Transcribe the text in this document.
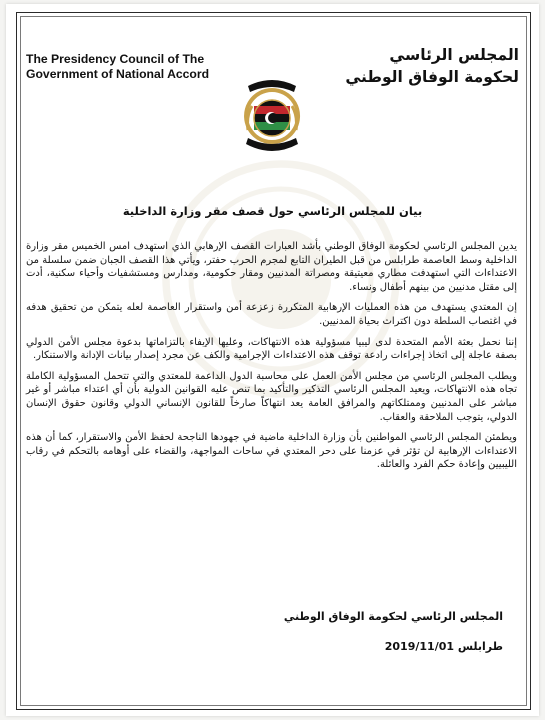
The Presidency Council of The
Government of National Accord
المجلس الرئاسي
لحكومة الوفاق الوطني
بيان للمجلس الرئاسي حول قصف مقر وزارة الداخلية

يدين المجلس الرئاسي لحكومة الوفاق الوطني بأشد العبارات القصف الإرهابي الذي استهدف امس الخميس مقر وزارة الداخلية وسط العاصمة طرابلس من قبل الطيران التابع لمجرم الحرب حفتر، ويأتي هذا القصف الجبان ضمن سلسلة من الاعتداءات التي استهدفت مطاري معيتيقة ومصراتة المدنيين ومقار حكومية، ومدارس ومستشفيات وأحياء سكنية، أدت إلى مقتل مدنيين من بينهم أطفال ونساء.

إن المعتدي يستهدف من هذه العمليات الإرهابية المتكررة زعزعة أمن واستقرار العاصمة لعله يتمكن من تحقيق هدفه في اغتصاب السلطة دون اكتراث بحياة المدنيين.

إننا نحمل بعثة الأمم المتحدة لدى ليبيا مسؤولية هذه الانتهاكات، وعليها الإيفاء بالتزاماتها بدعوة مجلس الأمن الدولي بصفة عاجلة إلى اتخاذ إجراءات رادعة توقف هذه الاعتداءات الإجرامية والكف عن مجرد إصدار بيانات الإدانة والاستنكار.

ويطلب المجلس الرئاسي من مجلس الأمن العمل على محاسبة الدول الداعمة للمعتدي والتي تتحمل المسؤولية الكاملة تجاه هذه الانتهاكات، ويعيد المجلس الرئاسي التذكير والتأكيد بما تنص عليه القوانين الدولية بأن أي اعتداء مباشر أو غير مباشر على المدنيين وممتلكاتهم والمرافق العامة يعد انتهاكاً صارخاً للقانون الإنساني الدولي وقانون حقوق الإنسان الدولي، يتوجب الملاحقة والعقاب.

ويطمئن المجلس الرئاسي المواطنين بأن وزارة الداخلية ماضية في جهودها الناجحة لحفظ الأمن والاستقرار، كما أن هذه الاعتداءات الإرهابية لن تؤثر في عزمنا على دحر المعتدي في ساحات المواجهة، والقضاء على أوهامه بالتحكم في رقاب الليبيين وإعادة حكم الفرد والعائلة.

المجلس الرئاسي لحكومة الوفاق الوطني
طرابلس 2019/11/01
